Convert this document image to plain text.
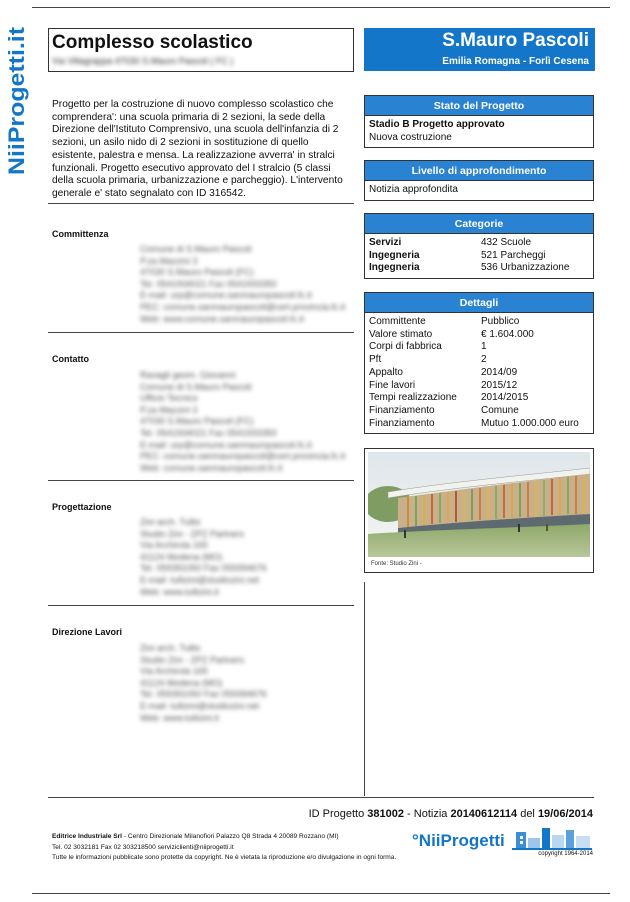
NiiProgetti.it
Complesso scolastico
Via Villagrappa 47030 S.Mauro Pascoli ( FC )
S.Mauro Pascoli
Emilia Romagna - Forlì Cesena
Progetto per la costruzione di nuovo complesso scolastico che comprendera': una scuola primaria di 2 sezioni, la sede della Direzione dell'Istituto Comprensivo, una scuola dell'infanzia di 2 sezioni, un asilo nido di 2 sezioni in sostituzione di quello esistente, palestra e mensa. La realizzazione avverra' in stralci funzionali. Progetto esecutivo approvato del I stralcio (5 classi della scuola primaria, urbanizzazione e parcheggio). L'intervento generale e' stato segnalato con ID 316542.
Committenza
Comune di S.Mauro Pascoli
P.za Mazzini 3
47030 S.Mauro Pascoli (FC)
Tel. 0541934021 Fax 0541933350
E-mail: urp@comune.sanmauropascoli.fc.it
PEC: comune.sanmauropascoli@cert.provincia.fc.it
Web: www.comune.sanmauropascoli.fc.it
Contatto
Ravagli geom. Giovanni
Comune di S.Mauro Pascoli
Ufficio Tecnico
P.za Mazzini 3
47030 S.Mauro Pascoli (FC)
Tel. 0541934021 Fax 0541933350
E-mail: urp@comune.sanmauropascoli.fc.it
PEC: comune.sanmauropascoli@cert.provincia.fc.it
Web: comune.sanmauropascoli.fc.it
Progettazione
Zini arch. Tullio
Studio Zini - ZPZ Partners
Via Archirola 165
41124 Modena (MO)
Tel. 059391050 Fax 059394676
E-mail: tullizini@studiozini.net
Web: www.tullizini.it
Direzione Lavori
Zini arch. Tullio
Studio Zini - ZPZ Partners
Via Archirola 165
41124 Modena (MO)
Tel. 059391050 Fax 059394676
E-mail: tullizini@studiozini.net
Web: www.tullizini.it
Stato del Progetto
Stadio B Progetto approvato
Nuova costruzione
Livello di approfondimento
Notizia approfondita
Categorie
Servizi	432 Scuole
Ingegneria	521 Parcheggi
Ingegneria	536 Urbanizzazione
Dettagli
Committente	Pubblico
Valore stimato	€ 1.604.000
Corpi di fabbrica	1
Pft	2
Appalto	2014/09
Fine lavori	2015/12
Tempi realizzazione	2014/2015
Finanziamento	Comune
Finanziamento	Mutuo 1.000.000 euro
Fonte: Studio Zini -
ID Progetto 381002 - Notizia 20140612114 del 19/06/2014
Editrice Industriale Srl - Centro Direzionale Milanofiori Palazzo Q8 Strada 4 20089 Rozzano (MI)
Tel. 02 3032181 Fax 02 303218500 serviziclienti@niiprogetti.it
Tutte le informazioni pubblicate sono protette da copyright. Ne è vietata la riproduzione e/o divulgazione in ogni forma.
°NiiProgetti
copyright 1964-2014
